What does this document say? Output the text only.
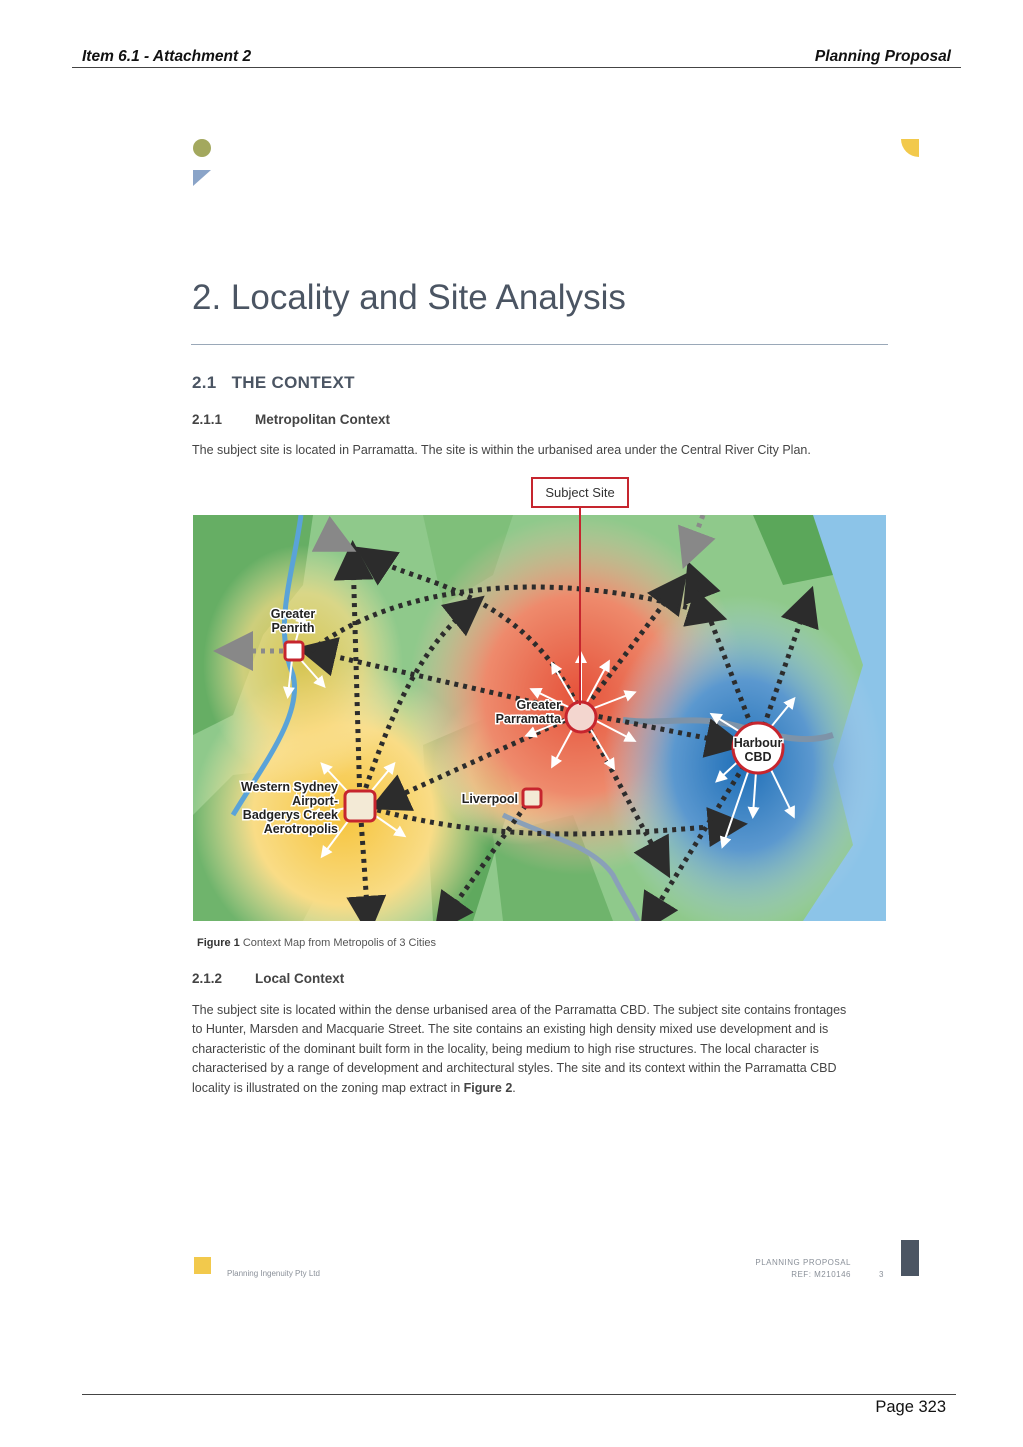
Item 6.1 - Attachment 2	Planning Proposal
2. Locality and Site Analysis
2.1   THE CONTEXT
2.1.1 Metropolitan Context
The subject site is located in Parramatta. The site is within the urbanised area under the Central River City Plan.
Subject Site
Greater
Penrith
Greater
Parramatta
Harbour
CBD
Western Sydney
Airport-
Badgerys Creek
Aerotropolis
Liverpool
Figure 1 Context Map from Metropolis of 3 Cities
2.1.2 Local Context
The subject site is located within the dense urbanised area of the Parramatta CBD. The subject site contains frontages
to Hunter, Marsden and Macquarie Street. The site contains an existing high density mixed use development and is
characteristic of the dominant built form in the locality, being medium to high rise structures. The local character is
characterised by a range of development and architectural styles. The site and its context within the Parramatta CBD
locality is illustrated on the zoning map extract in Figure 2.
Planning Ingenuity Pty Ltd
PLANNING PROPOSAL
REF: M210146	3
Page 323
